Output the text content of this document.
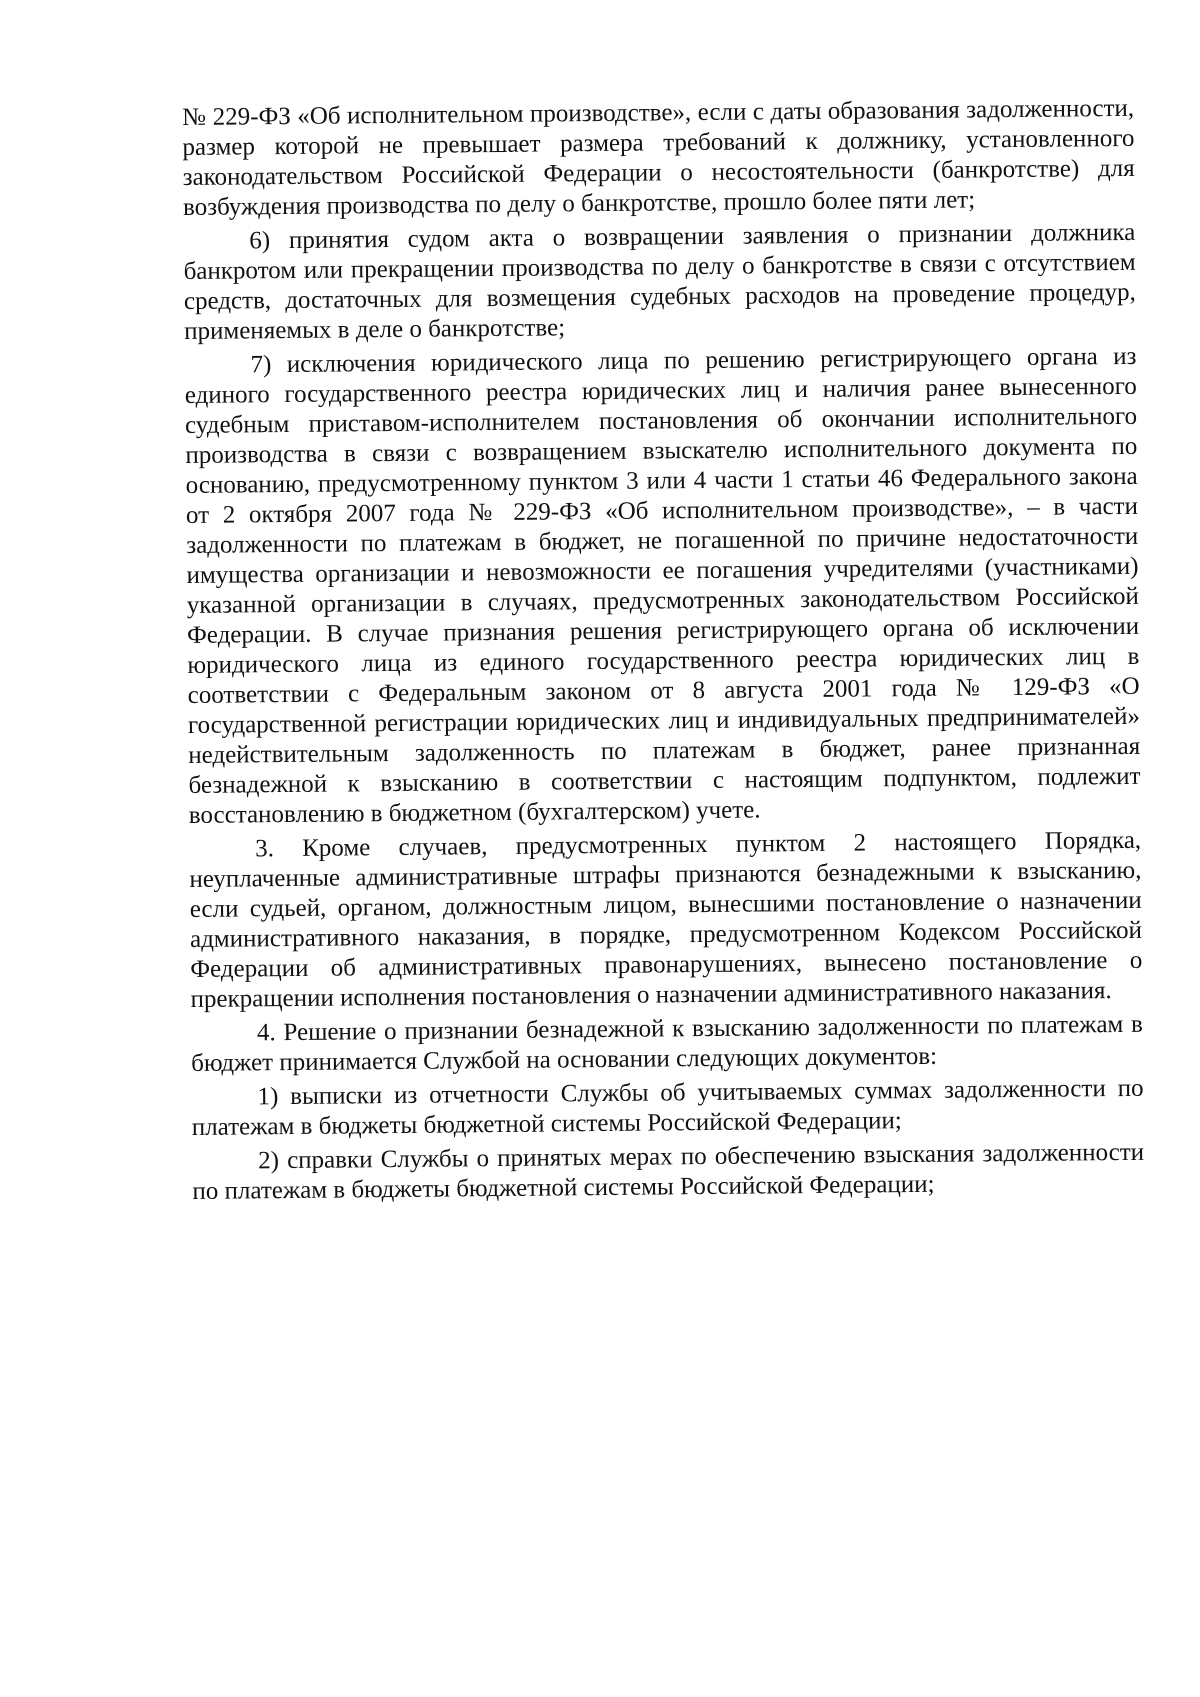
№ 229-ФЗ «Об исполнительном производстве», если с даты образования задолженности, размер которой не превышает размера требований к должнику, установленного законодательством Российской Федерации о несостоятельности (банкротстве) для возбуждения производства по делу о банкротстве, прошло более пяти лет;

6) принятия судом акта о возвращении заявления о признании должника банкротом или прекращении производства по делу о банкротстве в связи с отсутствием средств, достаточных для возмещения судебных расходов на проведение процедур, применяемых в деле о банкротстве;

7) исключения юридического лица по решению регистрирующего органа из единого государственного реестра юридических лиц и наличия ранее вынесенного судебным приставом-исполнителем постановления об окончании исполнительного производства в связи с возвращением взыскателю исполнительного документа по основанию, предусмотренному пунктом 3 или 4 части 1 статьи 46 Федерального закона от 2 октября 2007 года № 229-ФЗ «Об исполнительном производстве», – в части задолженности по платежам в бюджет, не погашенной по причине недостаточности имущества организации и невозможности ее погашения учредителями (участниками) указанной организации в случаях, предусмотренных законодательством Российской Федерации. В случае признания решения регистрирующего органа об исключении юридического лица из единого государственного реестра юридических лиц в соответствии с Федеральным законом от 8 августа 2001 года № 129-ФЗ «О государственной регистрации юридических лиц и индивидуальных предпринимателей» недействительным задолженность по платежам в бюджет, ранее признанная безнадежной к взысканию в соответствии с настоящим подпунктом, подлежит восстановлению в бюджетном (бухгалтерском) учете.

3. Кроме случаев, предусмотренных пунктом 2 настоящего Порядка, неуплаченные административные штрафы признаются безнадежными к взысканию, если судьей, органом, должностным лицом, вынесшими постановление о назначении административного наказания, в порядке, предусмотренном Кодексом Российской Федерации об административных правонарушениях, вынесено постановление о прекращении исполнения постановления о назначении административного наказания.

4. Решение о признании безнадежной к взысканию задолженности по платежам в бюджет принимается Службой на основании следующих документов:

1) выписки из отчетности Службы об учитываемых суммах задолженности по платежам в бюджеты бюджетной системы Российской Федерации;

2) справки Службы о принятых мерах по обеспечению взыскания задолженности по платежам в бюджеты бюджетной системы Российской Федерации;
